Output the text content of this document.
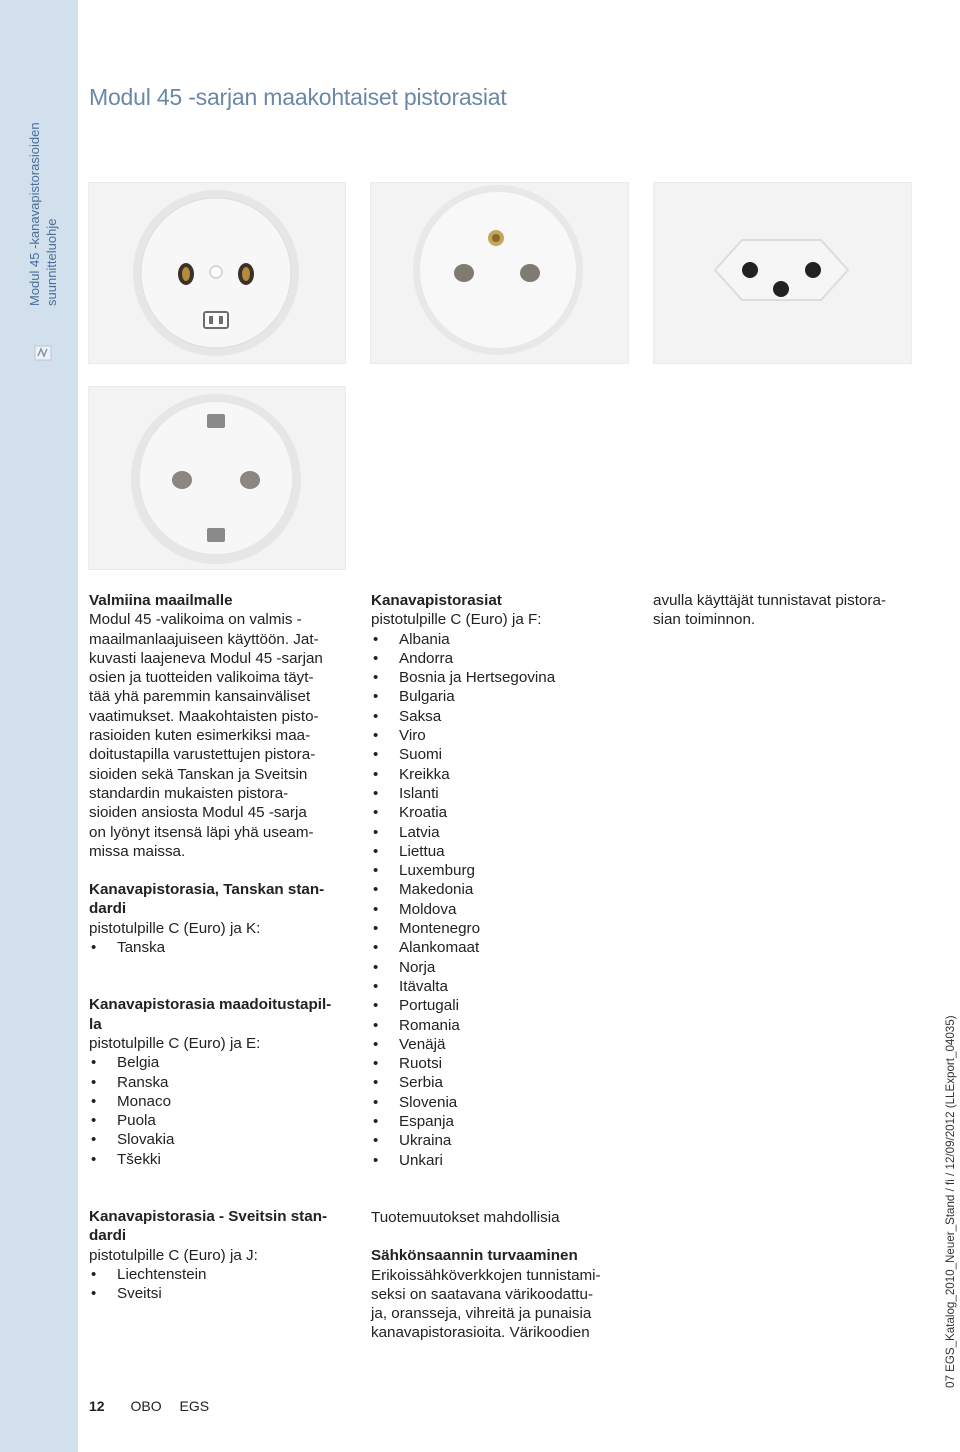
Modul 45 -kanavapistorasioiden suunnitteluohje
Modul 45 -sarjan maakohtaiset pistorasiat
Valmiina maailmalle
Modul 45 -valikoima on valmis -
maailmanlaajuiseen käyttöön. Jat-
kuvasti laajeneva Modul 45 -sarjan
osien ja tuotteiden valikoima täyt-
tää yhä paremmin kansainväliset
vaatimukset. Maakohtaisten pisto-
rasioiden kuten esimerkiksi maa-
doitustapilla varustettujen pistora-
sioiden sekä Tanskan ja Sveitsin
standardin mukaisten pistora-
sioiden ansiosta Modul 45 -sarja
on lyönyt itsensä läpi yhä useam-
missa maissa.
Kanavapistorasia, Tanskan stan-
dardi
pistotulpille C (Euro) ja K:
• Tanska
Kanavapistorasia maadoitustapil-
la
pistotulpille C (Euro) ja E:
• Belgia
• Ranska
• Monaco
• Puola
• Slovakia
• Tšekki
Kanavapistorasia - Sveitsin stan-
dardi
pistotulpille C (Euro) ja J:
• Liechtenstein
• Sveitsi
Kanavapistorasiat
pistotulpille C (Euro) ja F:
• Albania
• Andorra
• Bosnia ja Hertsegovina
• Bulgaria
• Saksa
• Viro
• Suomi
• Kreikka
• Islanti
• Kroatia
• Latvia
• Liettua
• Luxemburg
• Makedonia
• Moldova
• Montenegro
• Alankomaat
• Norja
• Itävalta
• Portugali
• Romania
• Venäjä
• Ruotsi
• Serbia
• Slovenia
• Espanja
• Ukraina
• Unkari
Tuotemuutokset mahdollisia
Sähkönsaannin turvaaminen
Erikoissähköverkkojen tunnistami-
seksi on saatavana värikoodattu-
ja, oransseja, vihreitä ja punaisia
kanavapistorasioita. Värikoodien
avulla käyttäjät tunnistavat pistora-
sian toiminnon.
07 EGS_Katalog_2010_Neuer_Stand / fi / 12/09/2012 (LLExport_04035)
12 OBO EGS
